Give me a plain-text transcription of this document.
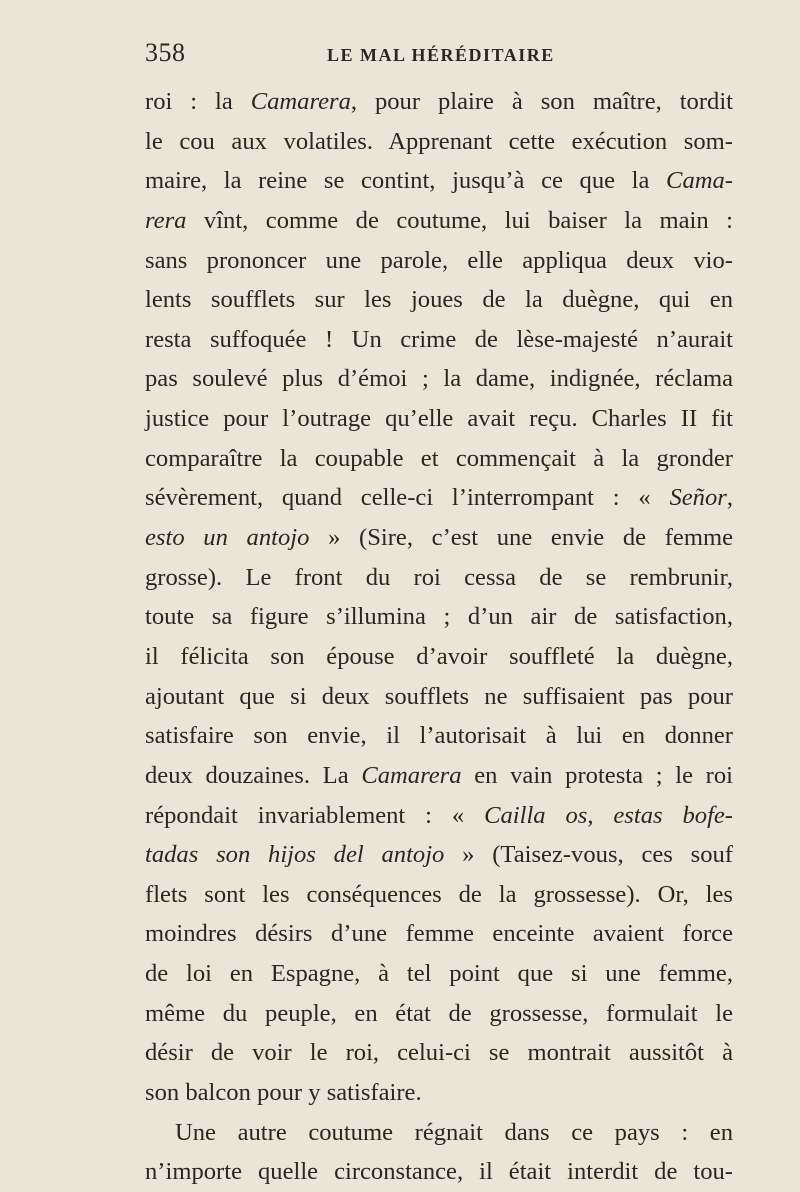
358	LE MAL HÉRÉDITAIRE
roi : la Camarera, pour plaire à son maître, tordit
le cou aux volatiles. Apprenant cette exécution som-
maire, la reine se contint, jusqu’à ce que la Cama-
rera vînt, comme de coutume, lui baiser la main :
sans prononcer une parole, elle appliqua deux vio-
lents soufflets sur les joues de la duègne, qui en
resta suffoquée ! Un crime de lèse-majesté n’aurait
pas soulevé plus d’émoi ; la dame, indignée, réclama
justice pour l’outrage qu’elle avait reçu. Charles II fit
comparaître la coupable et commençait à la gronder
sévèrement, quand celle-ci l’interrompant : « Señor,
esto un antojo » (Sire, c’est une envie de femme
grosse). Le front du roi cessa de se rembrunir,
toute sa figure s’illumina ; d’un air de satisfaction,
il félicita son épouse d’avoir souffleté la duègne,
ajoutant que si deux soufflets ne suffisaient pas pour
satisfaire son envie, il l’autorisait à lui en donner
deux douzaines. La Camarera en vain protesta ; le roi
répondait invariablement : « Cailla os, estas bofe-
tadas son hijos del antojo » (Taisez-vous, ces souf
flets sont les conséquences de la grossesse). Or, les
moindres désirs d’une femme enceinte avaient force
de loi en Espagne, à tel point que si une femme,
même du peuple, en état de grossesse, formulait le
désir de voir le roi, celui-ci se montrait aussitôt à
son balcon pour y satisfaire.
Une autre coutume régnait dans ce pays : en
n’importe quelle circonstance, il était interdit de tou-
